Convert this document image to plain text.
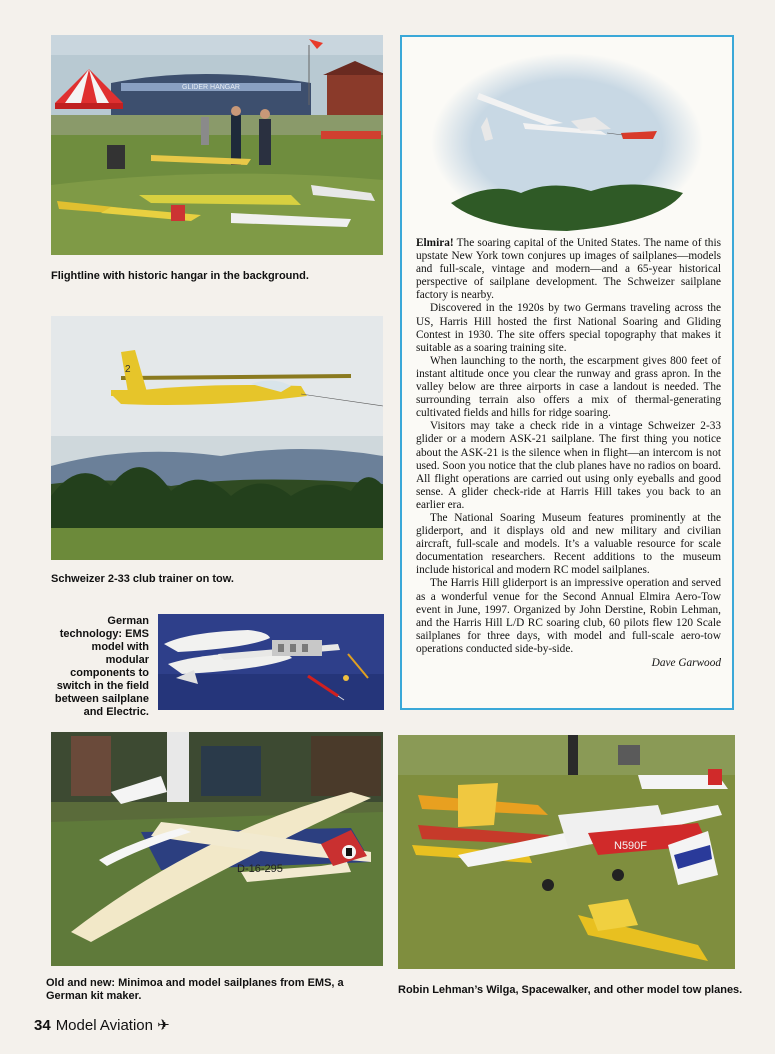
GLIDER HANGAR
Flightline with historic hangar in the background.
2
Schweizer 2-33 club trainer on tow.
German technology: EMS model with modular components to switch in the field between sailplane and Electric.
D-16-295
Old and new: Minimoa and model sailplanes from EMS, a German kit maker.
N590F
Robin Lehman’s Wilga, Spacewalker, and other model tow planes.

Elmira! The soaring capital of the United States. The name of this upstate New York town conjures up images of sailplanes—models and full-scale, vintage and modern—and a 65-year historical perspective of sailplane development. The Schweizer sailplane factory is nearby.

Discovered in the 1920s by two Germans traveling across the US, Harris Hill hosted the first National Soaring and Gliding Contest in 1930. The site offers special topography that makes it suitable as a soaring training site.

When launching to the north, the escarpment gives 800 feet of instant altitude once you clear the runway and grass apron. In the valley below are three airports in case a landout is needed. The surrounding terrain also offers a mix of thermal-generating cultivated fields and hills for ridge soaring.

Visitors may take a check ride in a vintage Schweizer 2-33 glider or a modern ASK-21 sailplane. The first thing you notice about the ASK-21 is the silence when in flight—an intercom is not used. Soon you notice that the club planes have no radios on board. All flight operations are carried out using only eyeballs and good sense. A glider check-ride at Harris Hill takes you back to an earlier era.

The National Soaring Museum features prominently at the gliderport, and it displays old and new military and civilian aircraft, full-scale and models. It’s a valuable resource for scale documentation researchers. Recent additions to the museum include historical and modern RC model sailplanes.

The Harris Hill gliderport is an impressive operation and served as a wonderful venue for the Second Annual Elmira Aero-Tow event in June, 1997. Organized by John Derstine, Robin Lehman, and the Harris Hill L/D RC soaring club, 60 pilots flew 120 Scale sailplanes for three days, with model and full-scale aero-tow operations conducted side-by-side.

Dave Garwood
34 Model Aviation ✈
